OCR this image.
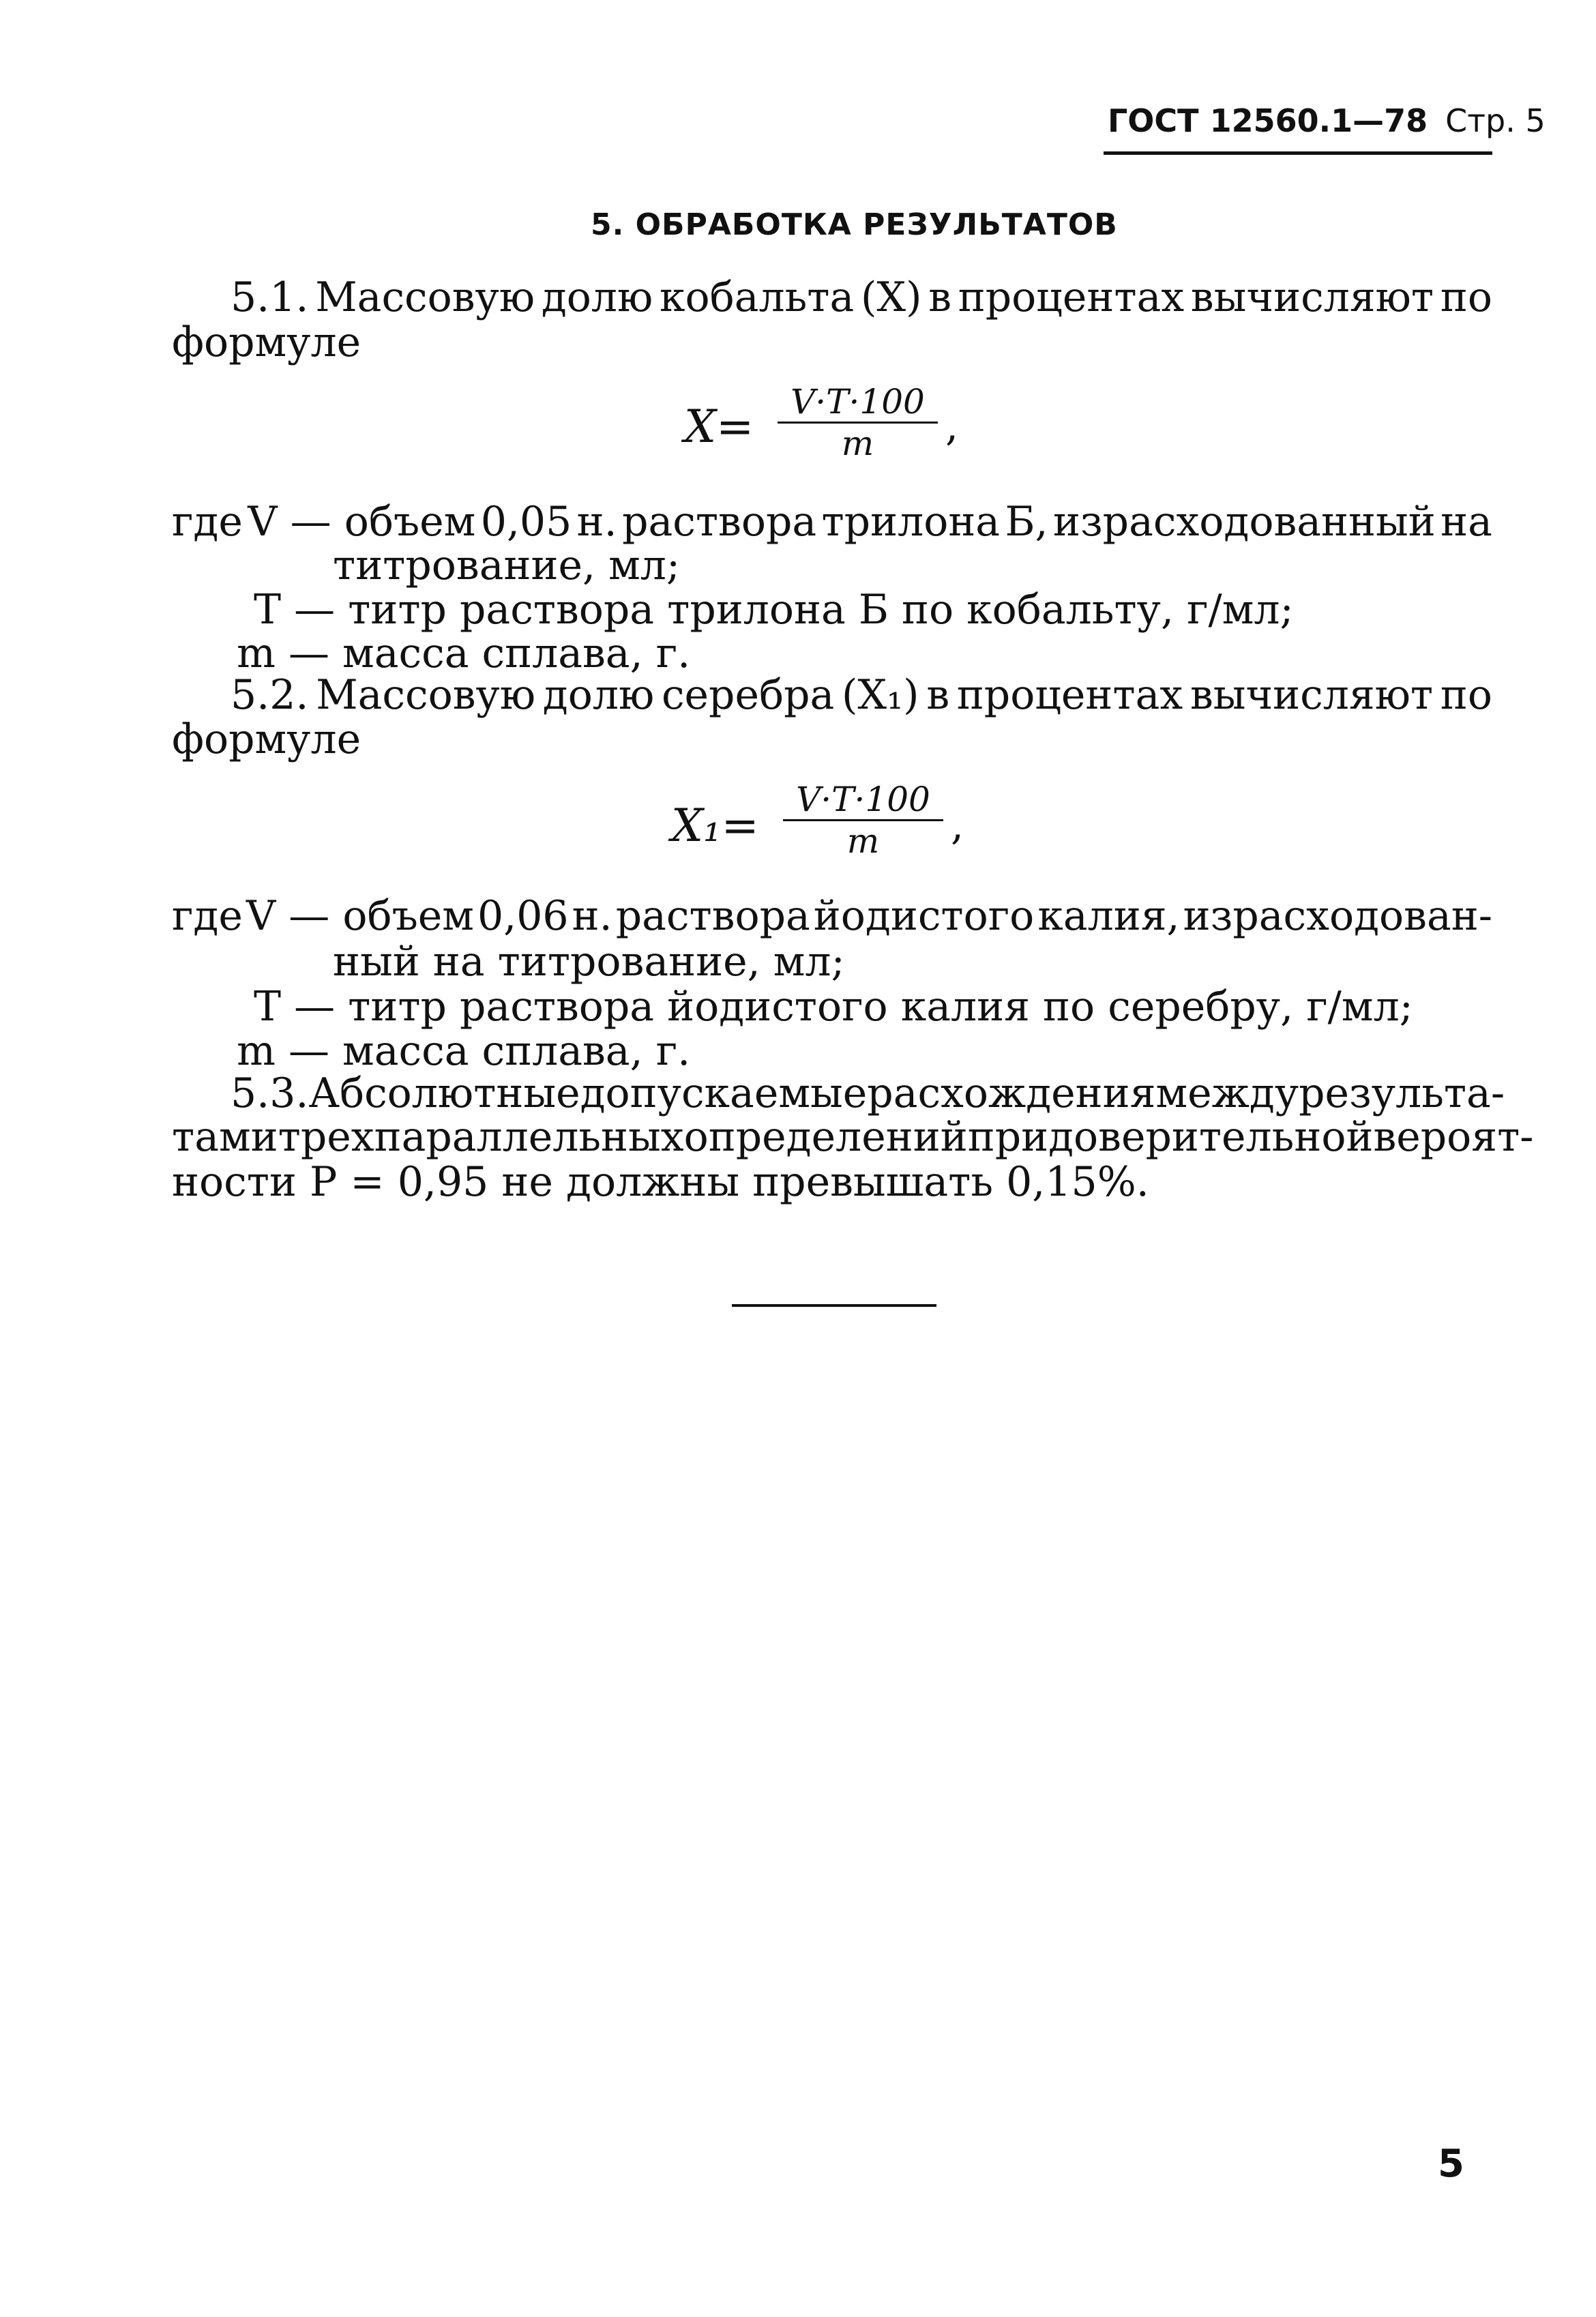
ГОСТ 12560.1—78 Стр. 5
5. ОБРАБОТКА РЕЗУЛЬТАТОВ
5.1. Массовую долю кобальта (X) в процентах вычисляют по
формуле
X= V·T·100
m ,
где V — объем 0,05 н. раствора трилона Б, израсходованный на
титрование, мл;
T — титр раствора трилона Б по кобальту, г/мл;
m — масса сплава, г.
5.2. Массовую долю серебра (X₁) в процентах вычисляют по
формуле
X₁= V·T·100
m ,
где V — объем 0,06 н. раствора йодистого калия, израсходован-
ный на титрование, мл;
T — титр раствора йодистого калия по серебру, г/мл;
m — масса сплава, г.
5.3. Абсолютные допускаемые расхождения между результа-
тами трех параллельных определений при доверительной вероят-
ности P = 0,95 не должны превышать 0,15%.
5
